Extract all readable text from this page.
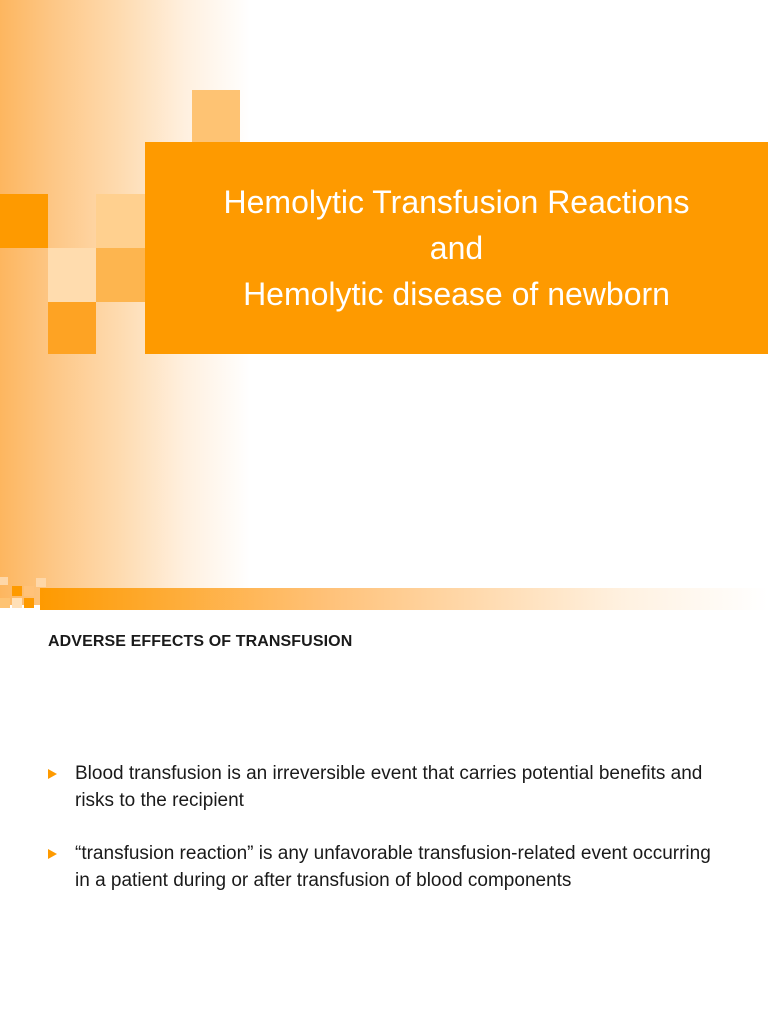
Hemolytic Transfusion Reactions
and
Hemolytic disease of newborn
ADVERSE EFFECTS OF TRANSFUSION
Blood transfusion is an irreversible event that carries potential benefits and risks to the recipient
“transfusion reaction” is any unfavorable transfusion-related event occurring in a patient during or after transfusion of blood components
